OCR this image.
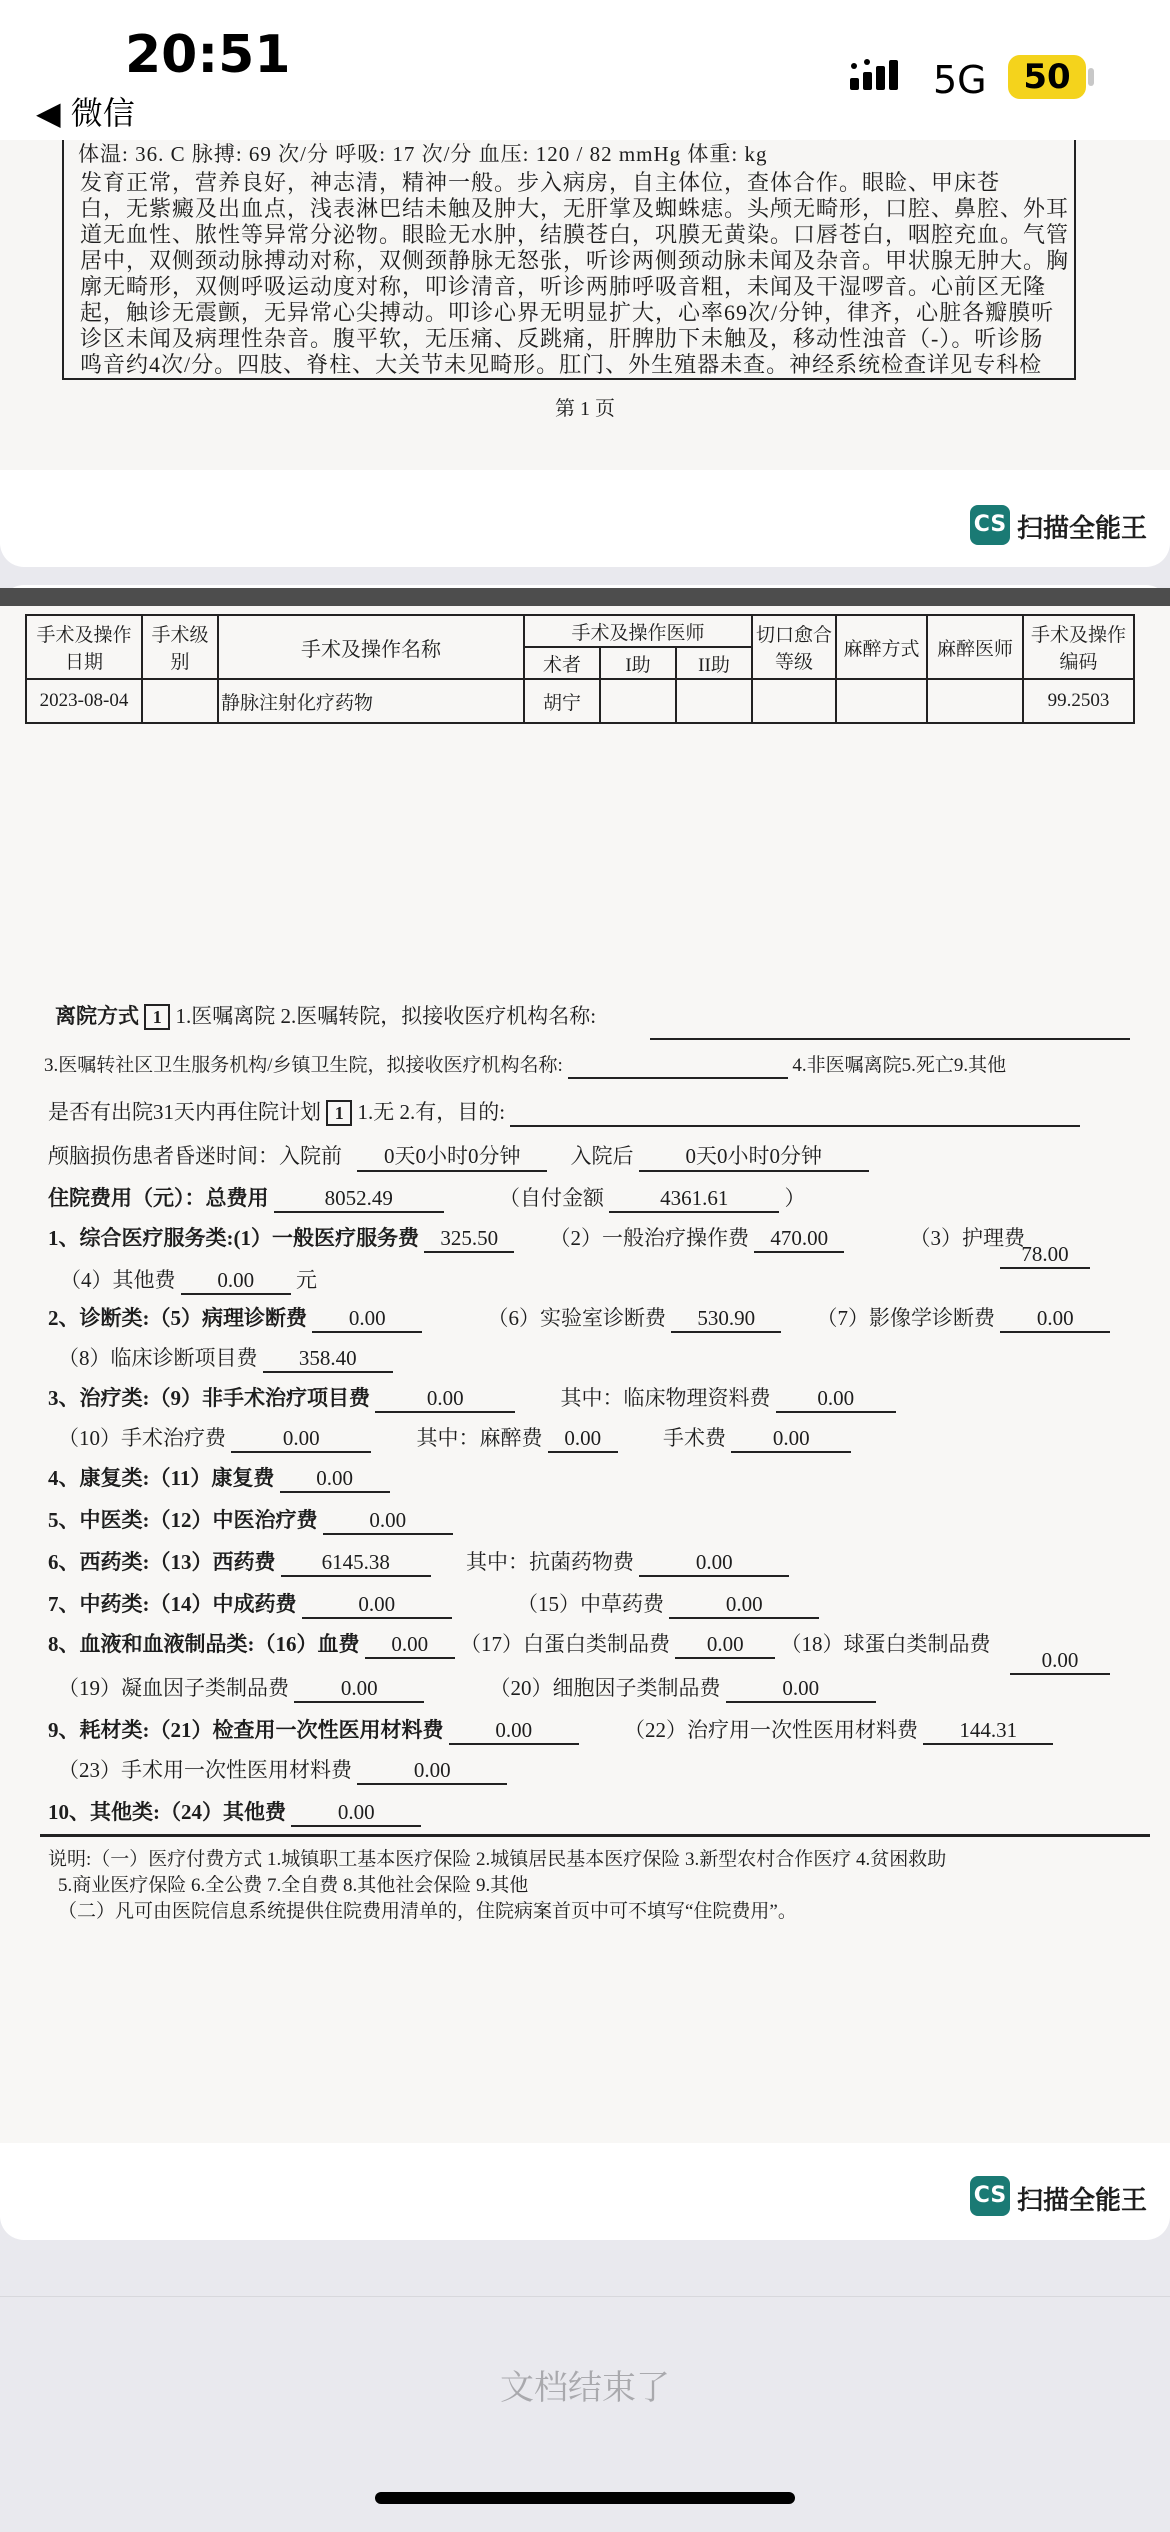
20:51
◀ 微信
5G	50
体温: 36. C 脉搏: 69 次/分 呼吸: 17 次/分 血压: 120 / 82 mmHg 体重: kg
发育正常，营养良好，神志清，精神一般。步入病房，自主体位，查体合作。眼睑、甲床苍
白，无紫癜及出血点，浅表淋巴结未触及肿大，无肝掌及蜘蛛痣。头颅无畸形，口腔、鼻腔、外耳
道无血性、脓性等异常分泌物。眼睑无水肿，结膜苍白，巩膜无黄染。口唇苍白，咽腔充血。气管
居中，双侧颈动脉搏动对称，双侧颈静脉无怒张，听诊两侧颈动脉未闻及杂音。甲状腺无肿大。胸
廓无畸形，双侧呼吸运动度对称，叩诊清音，听诊两肺呼吸音粗，未闻及干湿啰音。心前区无隆
起，触诊无震颤，无异常心尖搏动。叩诊心界无明显扩大，心率69次/分钟，律齐，心脏各瓣膜听
诊区未闻及病理性杂音。腹平软，无压痛、反跳痛，肝脾肋下未触及，移动性浊音（-）。听诊肠
鸣音约4次/分。四肢、脊柱、大关节未见畸形。肛门、外生殖器未查。神经系统检查详见专科检
第 1 页
CS 扫描全能王
手术及操作日期	手术级别	手术及操作名称	手术及操作医师			切口愈合等级	麻醉方式	麻醉医师	手术及操作编码
			术者	I助	II助				
2023-08-04		静脉注射化疗药物	胡宁						99.2503
离院方式 1 1.医嘱离院 2.医嘱转院，拟接收医疗机构名称:
3.医嘱转社区卫生服务机构/乡镇卫生院，拟接收医疗机构名称:	4.非医嘱离院5.死亡9.其他
是否有出院31天内再住院计划 1 1.无 2.有，目的:
颅脑损伤患者昏迷时间：入院前 0天0小时0分钟 入院后 0天0小时0分钟
住院费用（元）：总费用	8052.49	（自付金额	4361.61	）
1、综合医疗服务类:(1）一般医疗服务费 325.50 （2）一般治疗操作费 470.00	（3）护理费
78.00
（4）其他费 0.00 元
2、诊断类:（5）病理诊断费 0.00	（6）实验室诊断费 530.90	（7）影像学诊断费 0.00
（8）临床诊断项目费 358.40
3、治疗类:（9）非手术治疗项目费	0.00	其中：临床物理资料费 0.00
（10）手术治疗费	0.00	其中：麻醉费 0.00	手术费 0.00
4、康复类:（11）康复费 0.00
5、中医类:（12）中医治疗费 0.00
6、西药类:（13）西药费 6145.38	其中：抗菌药物费	0.00
7、中药类:（14）中成药费	0.00	（15）中草药费	0.00
8、血液和血液制品类:（16）血费 0.00 （17）白蛋白类制品费 0.00 （18）球蛋白类制品费
0.00
（19）凝血因子类制品费 0.00	（20）细胞因子类制品费	0.00
9、耗材类:（21）检查用一次性医用材料费 0.00	（22）治疗用一次性医用材料费 144.31
（23）手术用一次性医用材料费	0.00
10、其他类:（24）其他费 0.00
说明:（一）医疗付费方式 1.城镇职工基本医疗保险 2.城镇居民基本医疗保险 3.新型农村合作医疗 4.贫困救助
5.商业医疗保险 6.全公费 7.全自费 8.其他社会保险 9.其他
（二）凡可由医院信息系统提供住院费用清单的，住院病案首页中可不填写“住院费用”。
CS 扫描全能王
文档结束了
